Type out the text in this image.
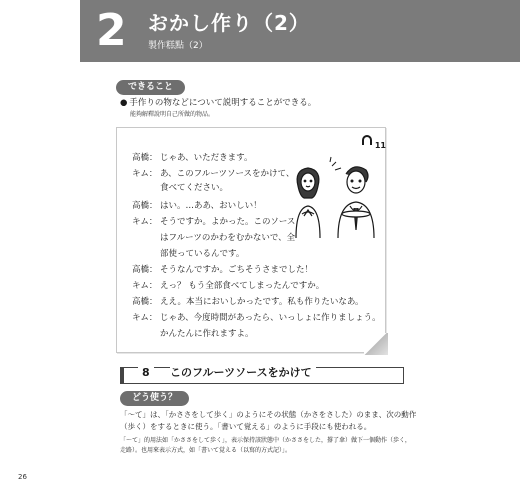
2 おかし作り（2）
製作糕點（2）
できること
● 手作りの物などについて説明することができる。
能夠解釋說明自己所做的物品。
11
高橋： じゃあ、いただきます。
キム： あ、このフルーツソースをかけて、
食べてください。
高橋： はい。…ああ、おいしい！
キム： そうですか。よかった。このソース
はフルーツのかわをむかないで、全
部使っているんです。
高橋： そうなんですか。ごちそうさまでした！
キム： えっ？ もう全部食べてしまったんですか。
高橋： ええ。本当においしかったです。私も作りたいなあ。
キム： じゃあ、今度時間があったら、いっしょに作りましょう。
かんたんに作れますよ。
8	このフルーツソースをかけて
どう使う？
「〜て」は、「かささをして歩く」のようにその状態（かさをさした）のまま、次の動作
（歩く）をするときに使う。「書いて覚える」のように手段にも使われる。
「〜て」的用法如「かささをして歩く」，表示保持該狀態中（かささをした，撐了傘）做下一個動作（歩く，
走路）。也用來表示方式，如「書いて覚える（以寫的方式記）」。
26
